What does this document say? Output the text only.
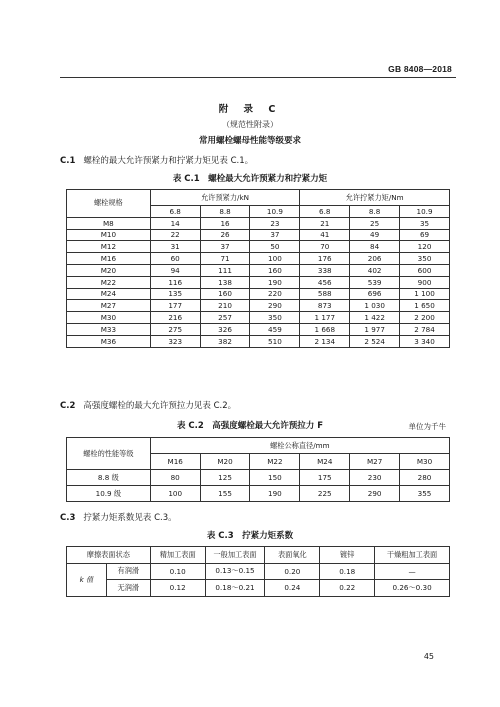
GB 8408—2018
附 录 C
（规范性附录）
常用螺栓螺母性能等级要求
C.1 螺栓的最大允许预紧力和拧紧力矩见表 C.1。
表 C.1　螺栓最大允许预紧力和拧紧力矩
螺栓规格	允许预紧力/kN			允许拧紧力矩/Nm		
	6.8	8.8	10.9	6.8	8.8	10.9
M8	14	16	23	21	25	35
M10	22	26	37	41	49	69
M12	31	37	50	70	84	120
M16	60	71	100	176	206	350
M20	94	111	160	338	402	600
M22	116	138	190	456	539	900
M24	135	160	220	588	696	1 100
M27	177	210	290	873	1 030	1 650
M30	216	257	350	1 177	1 422	2 200
M33	275	326	459	1 668	1 977	2 784
M36	323	382	510	2 134	2 524	3 340
C.2 高强度螺栓的最大允许预拉力见表 C.2。
表 C.2　高强度螺栓最大允许预拉力 F	单位为千牛
螺栓的性能等级	螺栓公称直径/mm					
	M16	M20	M22	M24	M27	M30
8.8 级	80	125	150	175	230	280
10.9 级	100	155	190	225	290	355
C.3 拧紧力矩系数见表 C.3。
表 C.3　拧紧力矩系数
摩擦表面状态		精加工表面	一般加工表面	表面氧化	镀锌	干燥粗加工表面
k 值	有润滑	0.10	0.13～0.15	0.20	0.18	—
	无润滑	0.12	0.18～0.21	0.24	0.22	0.26～0.30
45
